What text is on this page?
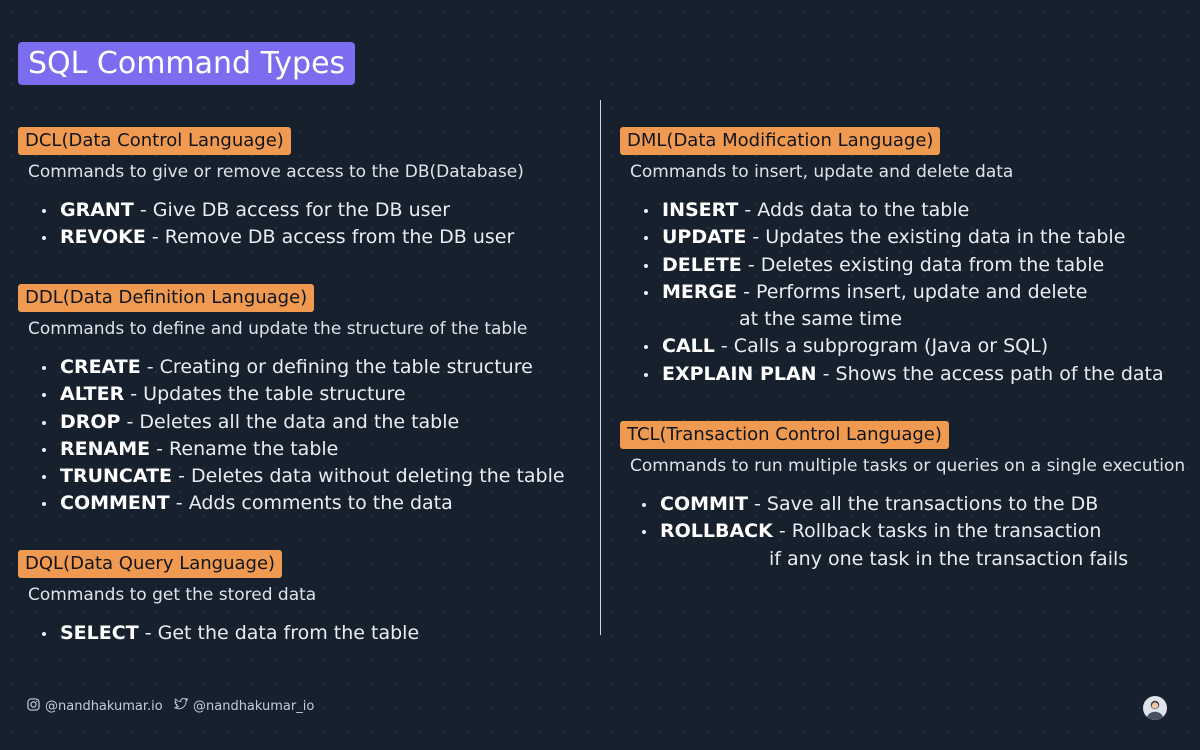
SQL Command Types
DCL(Data Control Language)
Commands to give or remove access to the DB(Database)
GRANT - Give DB access for the DB user
REVOKE - Remove DB access from the DB user
DDL(Data Definition Language)
Commands to define and update the structure of the table
CREATE - Creating or defining the table structure
ALTER - Updates the table structure
DROP - Deletes all the data and the table
RENAME - Rename the table
TRUNCATE - Deletes data without deleting the table
COMMENT - Adds comments to the data
DQL(Data Query Language)
Commands to get the stored data
SELECT - Get the data from the table
DML(Data Modification Language)
Commands to insert, update and delete data
INSERT - Adds data to the table
UPDATE - Updates the existing data in the table
DELETE - Deletes existing data from the table
MERGE - Performs insert, update and delete
at the same time
CALL - Calls a subprogram (Java or SQL)
EXPLAIN PLAN - Shows the access path of the data
TCL(Transaction Control Language)
Commands to run multiple tasks or queries on a single execution
COMMIT - Save all the transactions to the DB
ROLLBACK - Rollback tasks in the transaction
if any one task in the transaction fails
@nandhakumar.io @nandhakumar_io
